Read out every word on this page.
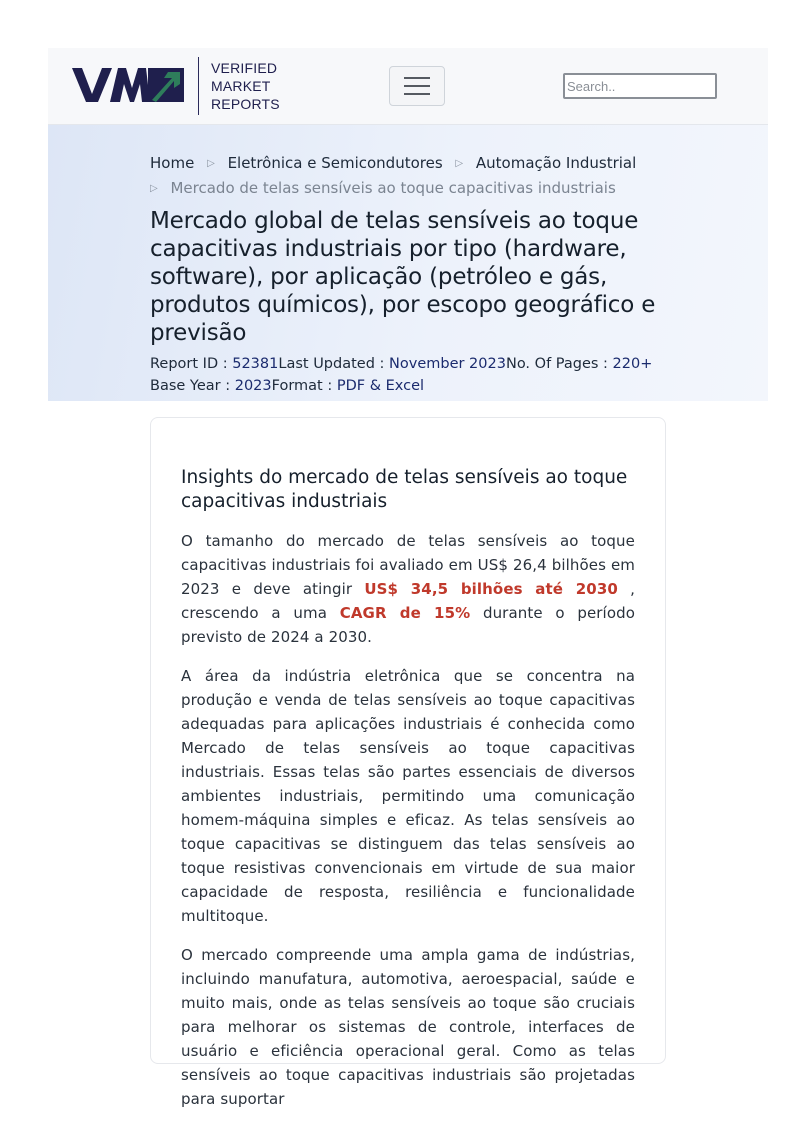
VERIFIED
MARKET
REPORTS
Search..
Home ▷ Eletrônica e Semicondutores ▷ Automação Industrial
▷ Mercado de telas sensíveis ao toque capacitivas industriais
Mercado global de telas sensíveis ao toque capacitivas industriais por tipo (hardware, software), por aplicação (petróleo e gás, produtos químicos), por escopo geográfico e previsão
Report ID : 52381Last Updated : November 2023No. Of Pages : 220+
Base Year : 2023Format : PDF & Excel
Insights do mercado de telas sensíveis ao toque capacitivas industriais

O tamanho do mercado de telas sensíveis ao toque capacitivas industriais foi avaliado em US$ 26,4 bilhões em 2023 e deve atingir US$ 34,5 bilhões até 2030 , crescendo a uma CAGR de 15% durante o período previsto de 2024 a 2030.

A área da indústria eletrônica que se concentra na produção e venda de telas sensíveis ao toque capacitivas adequadas para aplicações industriais é conhecida como Mercado de telas sensíveis ao toque capacitivas industriais. Essas telas são partes essenciais de diversos ambientes industriais, permitindo uma comunicação homem-máquina simples e eficaz. As telas sensíveis ao toque capacitivas se distinguem das telas sensíveis ao toque resistivas convencionais em virtude de sua maior capacidade de resposta, resiliência e funcionalidade multitoque.

O mercado compreende uma ampla gama de indústrias, incluindo manufatura, automotiva, aeroespacial, saúde e muito mais, onde as telas sensíveis ao toque são cruciais para melhorar os sistemas de controle, interfaces de usuário e eficiência operacional geral. Como as telas sensíveis ao toque capacitivas industriais são projetadas para suportar
